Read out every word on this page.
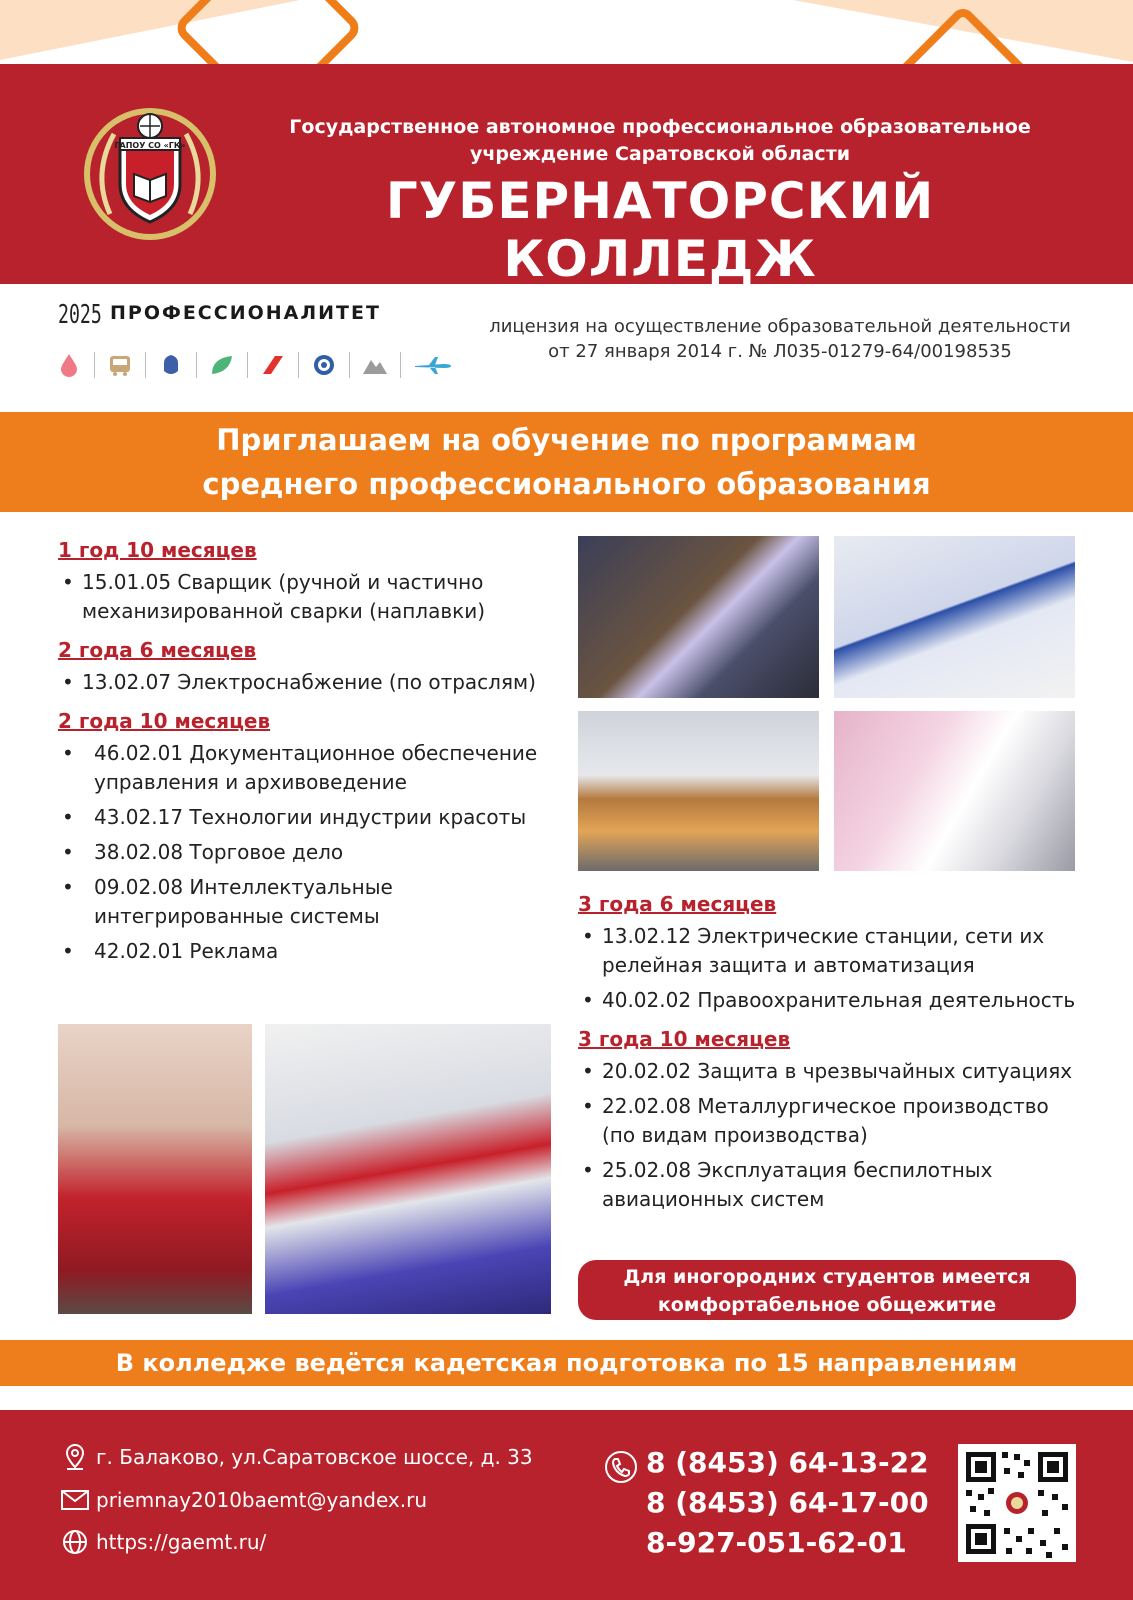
ГАПОУ СО «ГК»
Государственное автономное профессиональное образовательное
учреждение Саратовской области
ГУБЕРНАТОРСКИЙ КОЛЛЕДЖ
2025 ПРОФЕССИОНАЛИТЕТ
лицензия на осуществление образовательной деятельности
от 27 января 2014 г. № Л035-01279-64/00198535
Приглашаем на обучение по программам
среднего профессионального образования
1 год 10 месяцев
• 15.01.05 Сварщик (ручной и частично механизированной сварки (наплавки)
2 года 6 месяцев
• 13.02.07 Электроснабжение (по отраслям)
2 года 10 месяцев
• 46.02.01 Документационное обеспечение управления и архивоведение
• 43.02.17 Технологии индустрии красоты
• 38.02.08 Торговое дело
• 09.02.08 Интеллектуальные интегрированные системы
• 42.02.01 Реклама
3 года 6 месяцев
• 13.02.12 Электрические станции, сети их релейная защита и автоматизация
• 40.02.02 Правоохранительная деятельность
3 года 10 месяцев
• 20.02.02 Защита в чрезвычайных ситуациях
• 22.02.08 Металлургическое производство (по видам производства)
• 25.02.08 Эксплуатация беспилотных авиационных систем
Для иногородних студентов имеется
комфортабельное общежитие
В колледже ведётся кадетская подготовка по 15 направлениям
г. Балаково, ул.Саратовское шоссе, д. 33
priemnay2010baemt@yandex.ru
https://gaemt.ru/
8 (8453) 64-13-22
8 (8453) 64-17-00
8-927-051-62-01
